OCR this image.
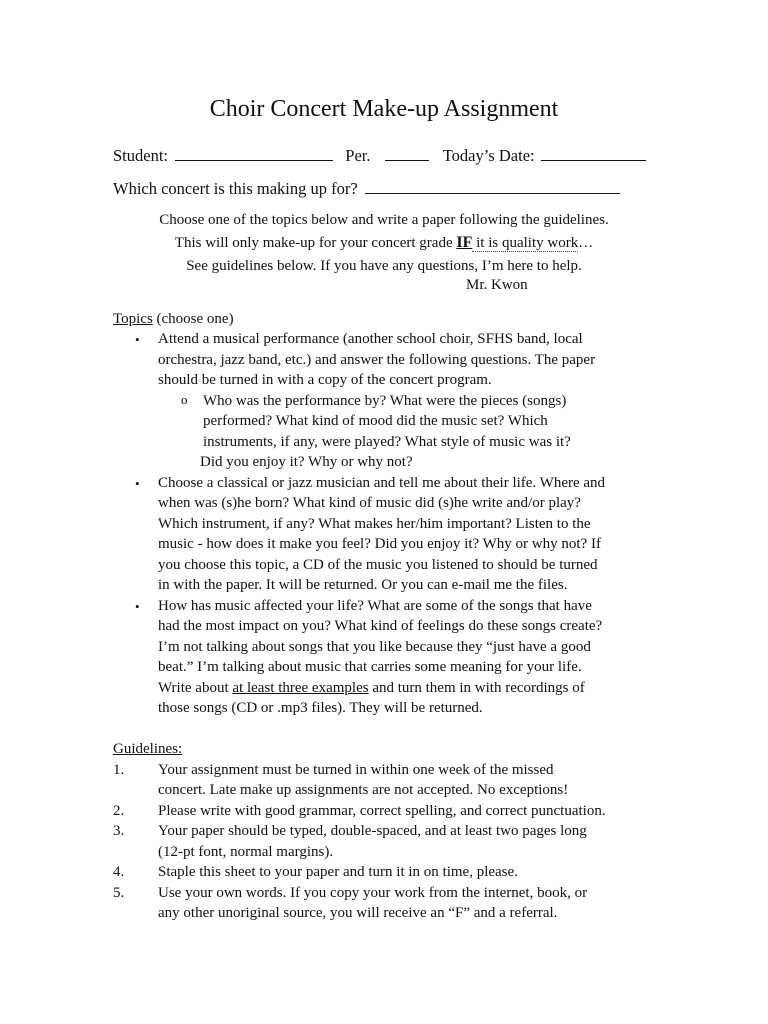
Choir Concert Make-up Assignment
Student:	Per.	Today’s Date:
Which concert is this making up for?
Choose one of the topics below and write a paper following the guidelines.
This will only make-up for your concert grade IF it is quality work…
See guidelines below. If you have any questions, I’m here to help.
Mr. Kwon
Topics (choose one)
• Attend a musical performance (another school choir, SFHS band, local
orchestra, jazz band, etc.) and answer the following questions. The paper
should be turned in with a copy of the concert program.
o Who was the performance by? What were the pieces (songs)
performed? What kind of mood did the music set? Which
instruments, if any, were played? What style of music was it?
Did you enjoy it? Why or why not?
• Choose a classical or jazz musician and tell me about their life. Where and
when was (s)he born? What kind of music did (s)he write and/or play?
Which instrument, if any? What makes her/him important? Listen to the
music - how does it make you feel? Did you enjoy it? Why or why not? If
you choose this topic, a CD of the music you listened to should be turned
in with the paper. It will be returned. Or you can e-mail me the files.
• How has music affected your life? What are some of the songs that have
had the most impact on you? What kind of feelings do these songs create?
I’m not talking about songs that you like because they “just have a good
beat.” I’m talking about music that carries some meaning for your life.
Write about at least three examples and turn them in with recordings of
those songs (CD or .mp3 files). They will be returned.
Guidelines:
1. Your assignment must be turned in within one week of the missed
concert. Late make up assignments are not accepted. No exceptions!
2. Please write with good grammar, correct spelling, and correct punctuation.
3. Your paper should be typed, double-spaced, and at least two pages long
(12-pt font, normal margins).
4. Staple this sheet to your paper and turn it in on time, please.
5. Use your own words. If you copy your work from the internet, book, or
any other unoriginal source, you will receive an “F” and a referral.
